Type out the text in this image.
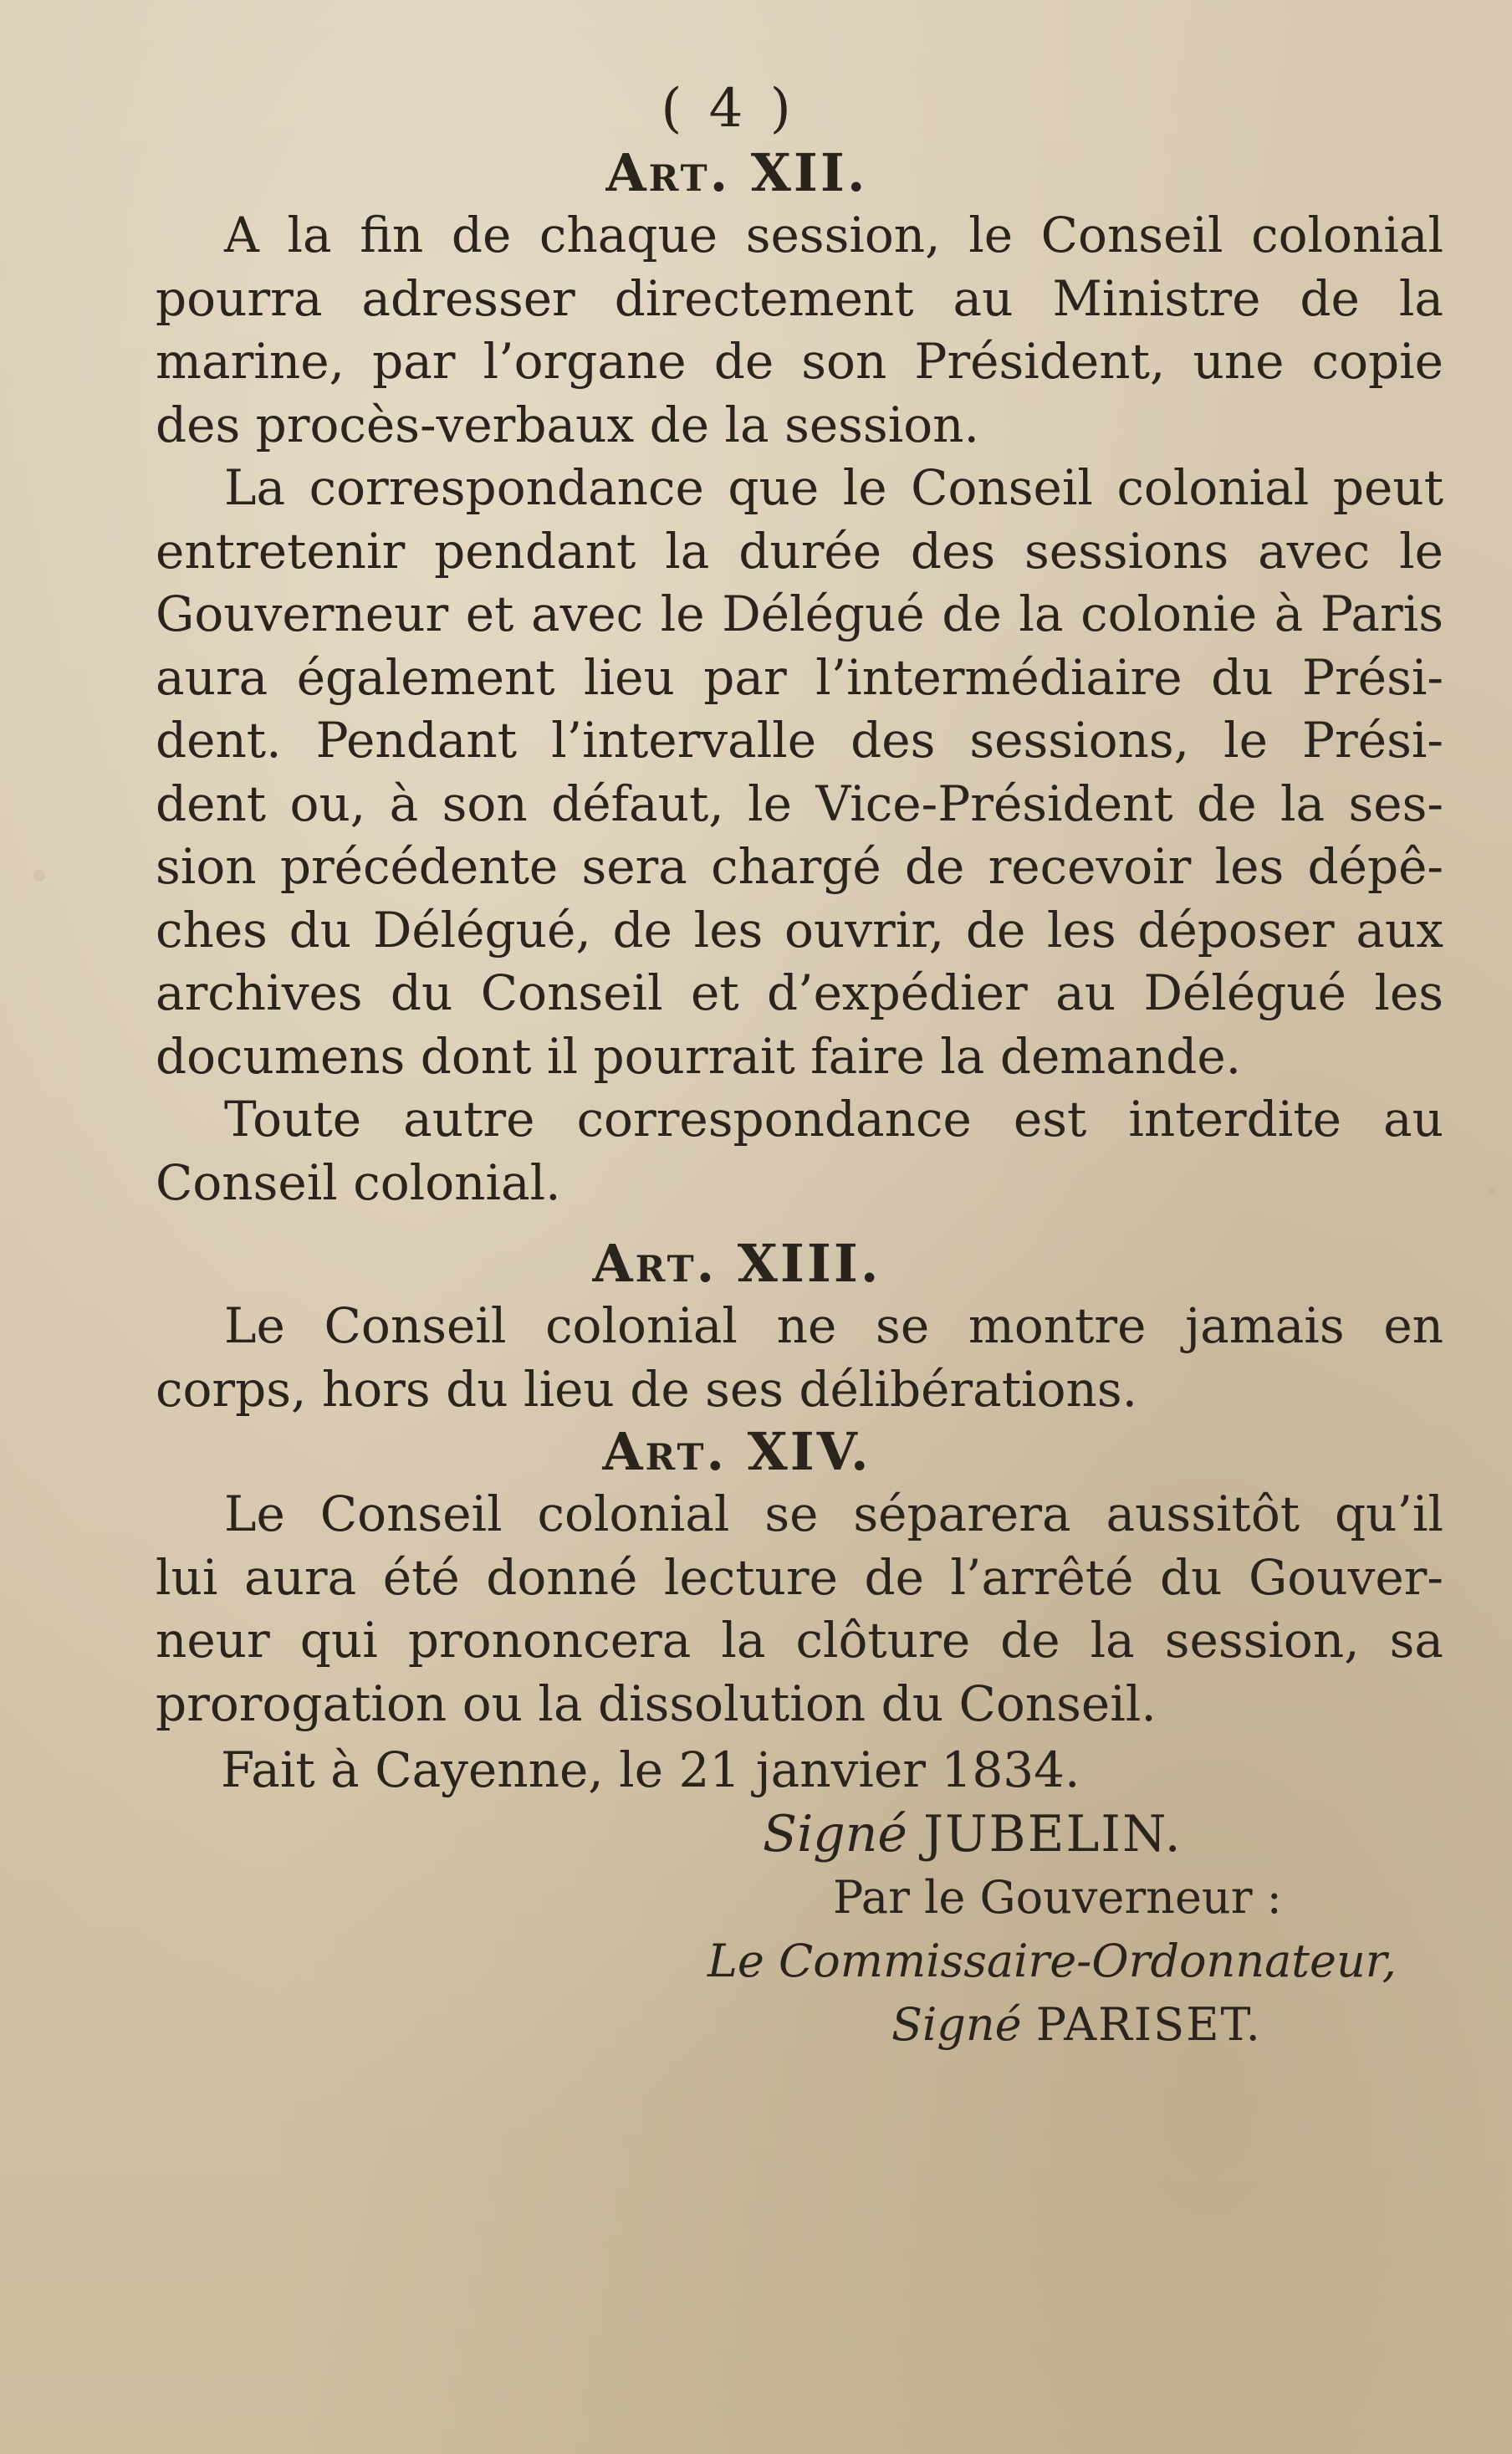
( 4 )
Art. XII.
A la fin de chaque session, le Conseil colonial
pourra adresser directement au Ministre de la
marine, par l’organe de son Président, une copie
des procès-verbaux de la session.
La correspondance que le Conseil colonial peut
entretenir pendant la durée des sessions avec le
Gouverneur et avec le Délégué de la colonie à Paris
aura également lieu par l’intermédiaire du Prési-
dent. Pendant l’intervalle des sessions, le Prési-
dent ou, à son défaut, le Vice-Président de la ses-
sion précédente sera chargé de recevoir les dépê-
ches du Délégué, de les ouvrir, de les déposer aux
archives du Conseil et d’expédier au Délégué les
documens dont il pourrait faire la demande.
Toute autre correspondance est interdite au
Conseil colonial.
Art. XIII.
Le Conseil colonial ne se montre jamais en
corps, hors du lieu de ses délibérations.
Art. XIV.
Le Conseil colonial se séparera aussitôt qu’il
lui aura été donné lecture de l’arrêté du Gouver-
neur qui prononcera la clôture de la session, sa
prorogation ou la dissolution du Conseil.
Fait à Cayenne, le 21 janvier 1834.
Signé JUBELIN.
Par le Gouverneur :
Le Commissaire-Ordonnateur,
Signé PARISET.
